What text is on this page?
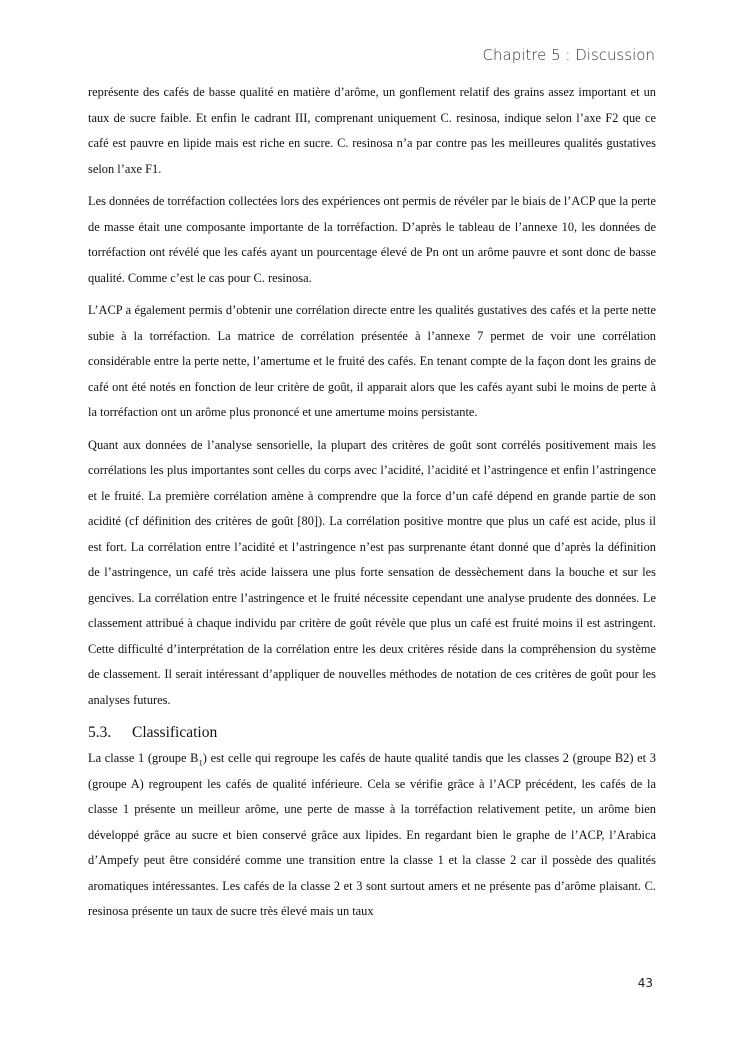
Chapitre 5 : Discussion

représente des cafés de basse qualité en matière d’arôme, un gonflement relatif des grains assez important et un taux de sucre faible. Et enfin le cadrant III, comprenant uniquement C. resinosa, indique selon l’axe F2 que ce café est pauvre en lipide mais est riche en sucre. C. resinosa n’a par contre pas les meilleures qualités gustatives selon l’axe F1.

Les données de torréfaction collectées lors des expériences ont permis de révéler par le biais de l’ACP que la perte de masse était une composante importante de la torréfaction. D’après le tableau de l’annexe 10, les données de torréfaction ont révélé que les cafés ayant un pourcentage élevé de Pn ont un arôme pauvre et sont donc de basse qualité. Comme c’est le cas pour C. resinosa.

L’ACP a également permis d’obtenir une corrélation directe entre les qualités gustatives des cafés et la perte nette subie à la torréfaction. La matrice de corrélation présentée à l’annexe 7 permet de voir une corrélation considérable entre la perte nette, l’amertume et le fruité des cafés. En tenant compte de la façon dont les grains de café ont été notés en fonction de leur critère de goût, il apparait alors que les cafés ayant subi le moins de perte à la torréfaction ont un arôme plus prononcé et une amertume moins persistante.

Quant aux données de l’analyse sensorielle, la plupart des critères de goût sont corrélés positivement mais les corrélations les plus importantes sont celles du corps avec l’acidité, l’acidité et l’astringence et enfin l’astringence et le fruité. La première corrélation amène à comprendre que la force d’un café dépend en grande partie de son acidité (cf définition des critères de goût [80]). La corrélation positive montre que plus un café est acide, plus il est fort. La corrélation entre l’acidité et l’astringence n’est pas surprenante étant donné que d’après la définition de l’astringence, un café très acide laissera une plus forte sensation de dessèchement dans la bouche et sur les gencives. La corrélation entre l’astringence et le fruité nécessite cependant une analyse prudente des données. Le classement attribué à chaque individu par critère de goût révèle que plus un café est fruité moins il est astringent. Cette difficulté d’interprétation de la corrélation entre les deux critères réside dans la compréhension du système de classement. Il serait intéressant d’appliquer de nouvelles méthodes de notation de ces critères de goût pour les analyses futures.

5.3. Classification

La classe 1 (groupe $B_1$) est celle qui regroupe les cafés de haute qualité tandis que les classes 2 (groupe B2) et 3 (groupe A) regroupent les cafés de qualité inférieure. Cela se vérifie grâce à l’ACP précédent, les cafés de la classe 1 présente un meilleur arôme, une perte de masse à la torréfaction relativement petite, un arôme bien développé grâce au sucre et bien conservé grâce aux lipides. En regardant bien le graphe de l’ACP, l’Arabica d’Ampefy peut être considéré comme une transition entre la classe 1 et la classe 2 car il possède des qualités aromatiques intéressantes. Les cafés de la classe 2 et 3 sont surtout amers et ne présente pas d’arôme plaisant. C. resinosa présente un taux de sucre très élevé mais un taux

43
